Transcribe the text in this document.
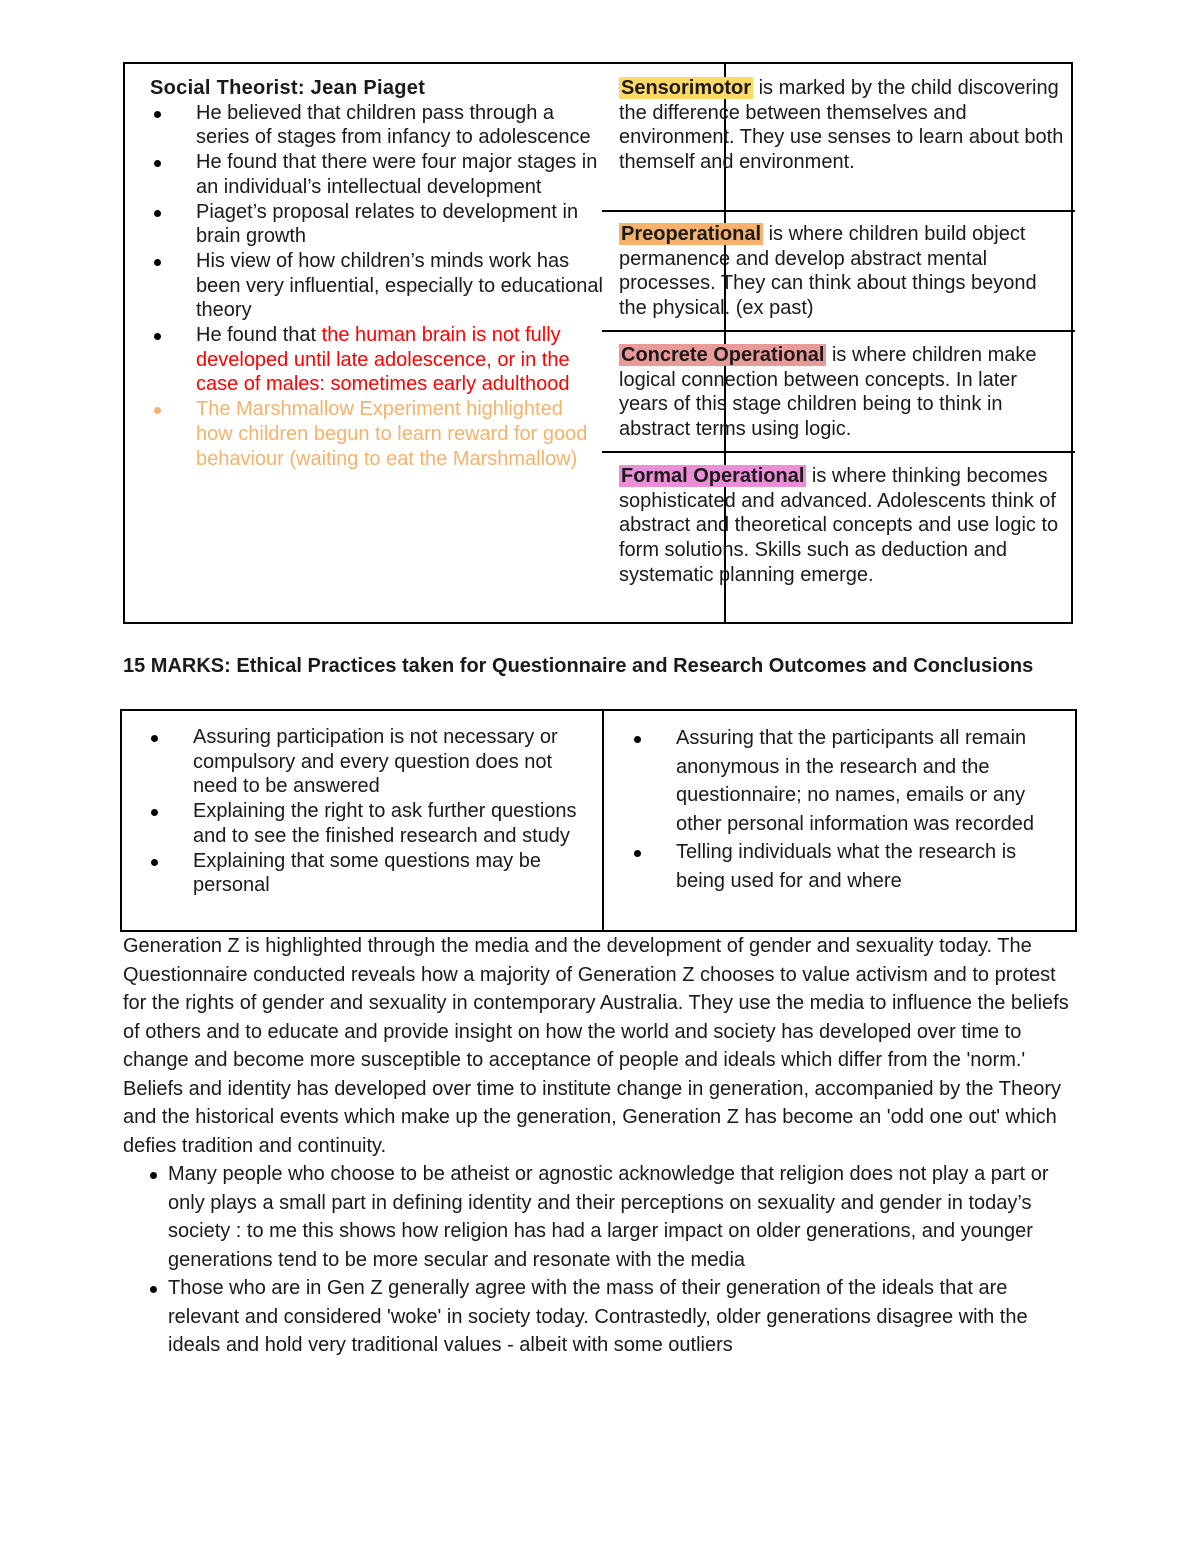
Social Theorist: Jean Piaget
He believed that children pass through a series of stages from infancy to adolescence
He found that there were four major stages in an individual’s intellectual development
Piaget’s proposal relates to development in brain growth
His view of how children’s minds work has been very influential, especially to educational theory
He found that the human brain is not fully developed until late adolescence, or in the case of males: sometimes early adulthood
The Marshmallow Experiment highlighted how children begun to learn reward for good behaviour (waiting to eat the Marshmallow)
Sensorimotor is marked by the child discovering the difference between themselves and environment. They use senses to learn about both themself and environment.
Preoperational is where children build object permanence and develop abstract mental processes. They can think about things beyond the physical. (ex past)
Concrete Operational is where children make logical connection between concepts. In later years of this stage children being to think in abstract terms using logic.
Formal Operational is where thinking becomes sophisticated and advanced. Adolescents think of abstract and theoretical concepts and use logic to form solutions. Skills such as deduction and systematic planning emerge.
15 MARKS: Ethical Practices taken for Questionnaire and Research Outcomes and Conclusions
Assuring participation is not necessary or compulsory and every question does not need to be answered
Explaining the right to ask further questions and to see the finished research and study
Explaining that some questions may be personal
Assuring that the participants all remain anonymous in the research and the questionnaire; no names, emails or any other personal information was recorded
Telling individuals what the research is being used for and where

Generation Z is highlighted through the media and the development of gender and sexuality today. The Questionnaire conducted reveals how a majority of Generation Z chooses to value activism and to protest for the rights of gender and sexuality in contemporary Australia. They use the media to influence the beliefs of others and to educate and provide insight on how the world and society has developed over time to change and become more susceptible to acceptance of people and ideals which differ from the 'norm.' Beliefs and identity has developed over time to institute change in generation, accompanied by the Theory and the historical events which make up the generation, Generation Z has become an 'odd one out' which defies tradition and continuity.

Many people who choose to be atheist or agnostic acknowledge that religion does not play a part or only plays a small part in defining identity and their perceptions on sexuality and gender in today’s society : to me this shows how religion has had a larger impact on older generations, and younger generations tend to be more secular and resonate with the media
Those who are in Gen Z generally agree with the mass of their generation of the ideals that are relevant and considered 'woke' in society today. Contrastedly, older generations disagree with the ideals and hold very traditional values - albeit with some outliers
